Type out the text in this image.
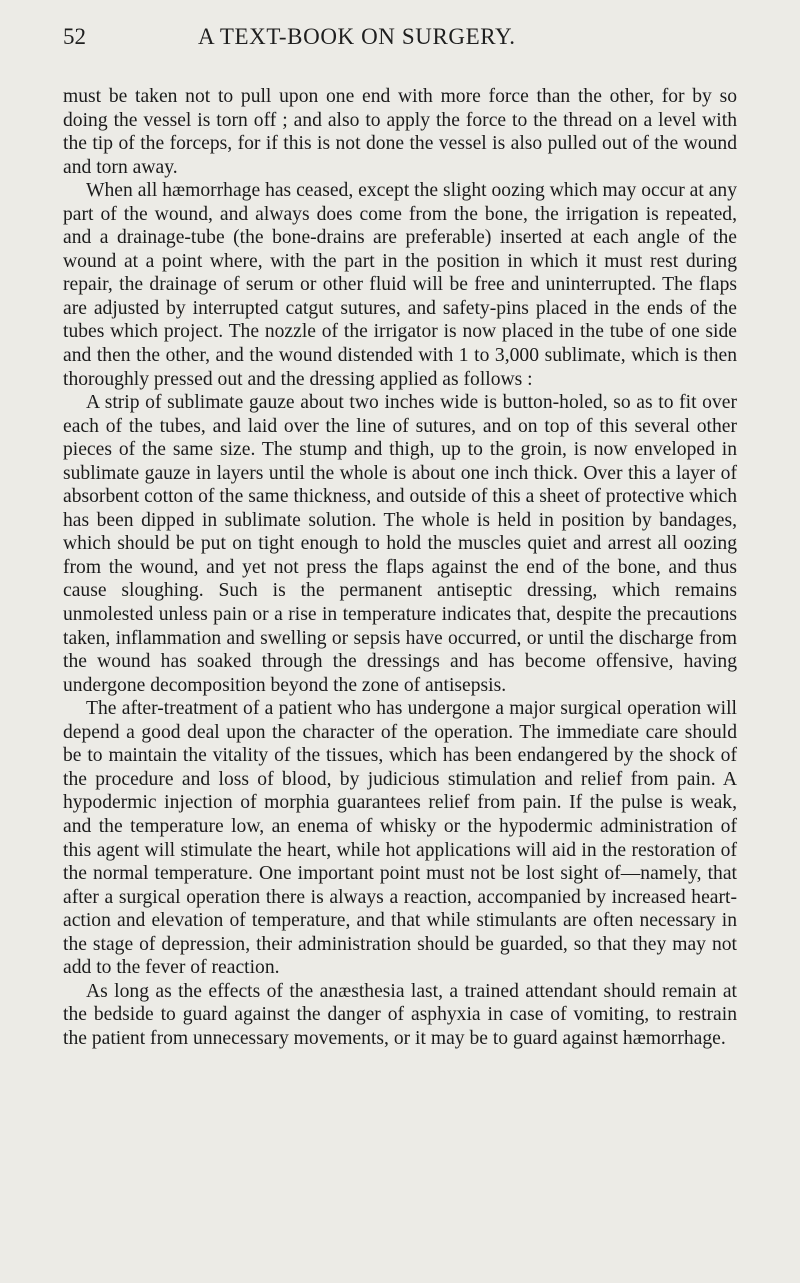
52	A TEXT-BOOK ON SURGERY.

must be taken not to pull upon one end with more force than the other, for by so doing the vessel is torn off ; and also to apply the force to the thread on a level with the tip of the forceps, for if this is not done the vessel is also pulled out of the wound and torn away.

When all hæmorrhage has ceased, except the slight oozing which may occur at any part of the wound, and always does come from the bone, the irrigation is repeated, and a drainage-tube (the bone-drains are preferable) inserted at each angle of the wound at a point where, with the part in the position in which it must rest during repair, the drainage of serum or other fluid will be free and uninterrupted. The flaps are adjusted by interrupted catgut sutures, and safety-pins placed in the ends of the tubes which project. The nozzle of the irrigator is now placed in the tube of one side and then the other, and the wound distended with 1 to 3,000 sublimate, which is then thoroughly pressed out and the dressing applied as follows :

A strip of sublimate gauze about two inches wide is button-holed, so as to fit over each of the tubes, and laid over the line of sutures, and on top of this several other pieces of the same size. The stump and thigh, up to the groin, is now enveloped in sublimate gauze in layers until the whole is about one inch thick. Over this a layer of absorbent cotton of the same thickness, and outside of this a sheet of protective which has been dipped in sublimate solution. The whole is held in position by bandages, which should be put on tight enough to hold the muscles quiet and arrest all oozing from the wound, and yet not press the flaps against the end of the bone, and thus cause sloughing. Such is the permanent antiseptic dressing, which remains unmolested unless pain or a rise in temperature indicates that, despite the precautions taken, inflammation and swelling or sepsis have occurred, or until the discharge from the wound has soaked through the dressings and has become offensive, having undergone decomposition beyond the zone of antisepsis.

The after-treatment of a patient who has undergone a major surgical operation will depend a good deal upon the character of the operation. The immediate care should be to maintain the vitality of the tissues, which has been endangered by the shock of the procedure and loss of blood, by judicious stimulation and relief from pain. A hypodermic injection of morphia guarantees relief from pain. If the pulse is weak, and the temperature low, an enema of whisky or the hypodermic administration of this agent will stimulate the heart, while hot applications will aid in the restoration of the normal temperature. One important point must not be lost sight of—namely, that after a surgical operation there is always a reaction, accompanied by increased heart-action and elevation of temperature, and that while stimulants are often necessary in the stage of depression, their administration should be guarded, so that they may not add to the fever of reaction.

As long as the effects of the anæsthesia last, a trained attendant should remain at the bedside to guard against the danger of asphyxia in case of vomiting, to restrain the patient from unnecessary movements, or it may be to guard against hæmorrhage.
